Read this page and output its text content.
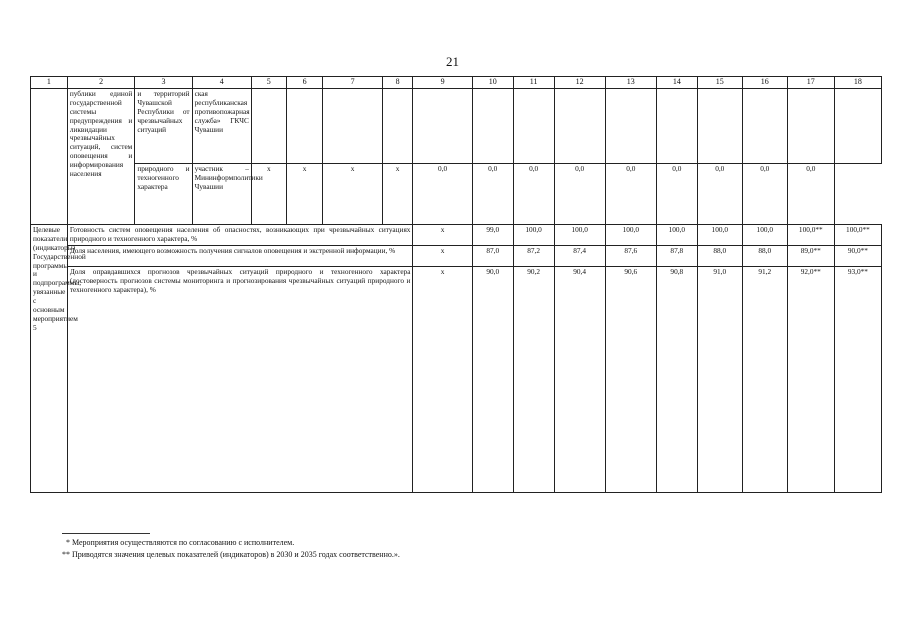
21
1	2	3	4	5	6	7	8	9	10	11	12	13	14	15	16	17	18
	публики единой государственной системы предупреждения и ликвидации чрезвычайных ситуаций, систем оповещения и информирования населения	и территорий Чувашской Республики от чрезвычайных ситуаций	ская республиканская противопожарная служба» ГКЧС Чувашии														
		природного и техногенного характера	участник – Мининформполитики Чувашии	x	x	x	x	0,0	0,0	0,0	0,0	0,0	0,0	0,0	0,0	0,0	
Целевые показатели (индикаторы) Государственной программы и подпрограммы, увязанные с основным мероприятием 5	Готовность систем оповещения населения об опасностях, возникающих при чрезвычайных ситуациях природного и техногенного характера, %							x	99,0	100,0	100,0	100,0	100,0	100,0	100,0	100,0**	100,0**
	Доля населения, имеющего возможность получения сигналов оповещения и экстренной информации, %							x	87,0	87,2	87,4	87,6	87,8	88,0	88,0	89,0**	90,0**
	Доля оправдавшихся прогнозов чрезвычайных ситуаций природного и техногенного характера (достоверность прогнозов системы мониторинга и прогнозирования чрезвычайных ситуаций природного и техногенного характера), %							x	90,0	90,2	90,4	90,6	90,8	91,0	91,2	92,0**	93,0**
* Мероприятия осуществляются по согласованию с исполнителем.
** Приводятся значения целевых показателей (индикаторов) в 2030 и 2035 годах соответственно.».
